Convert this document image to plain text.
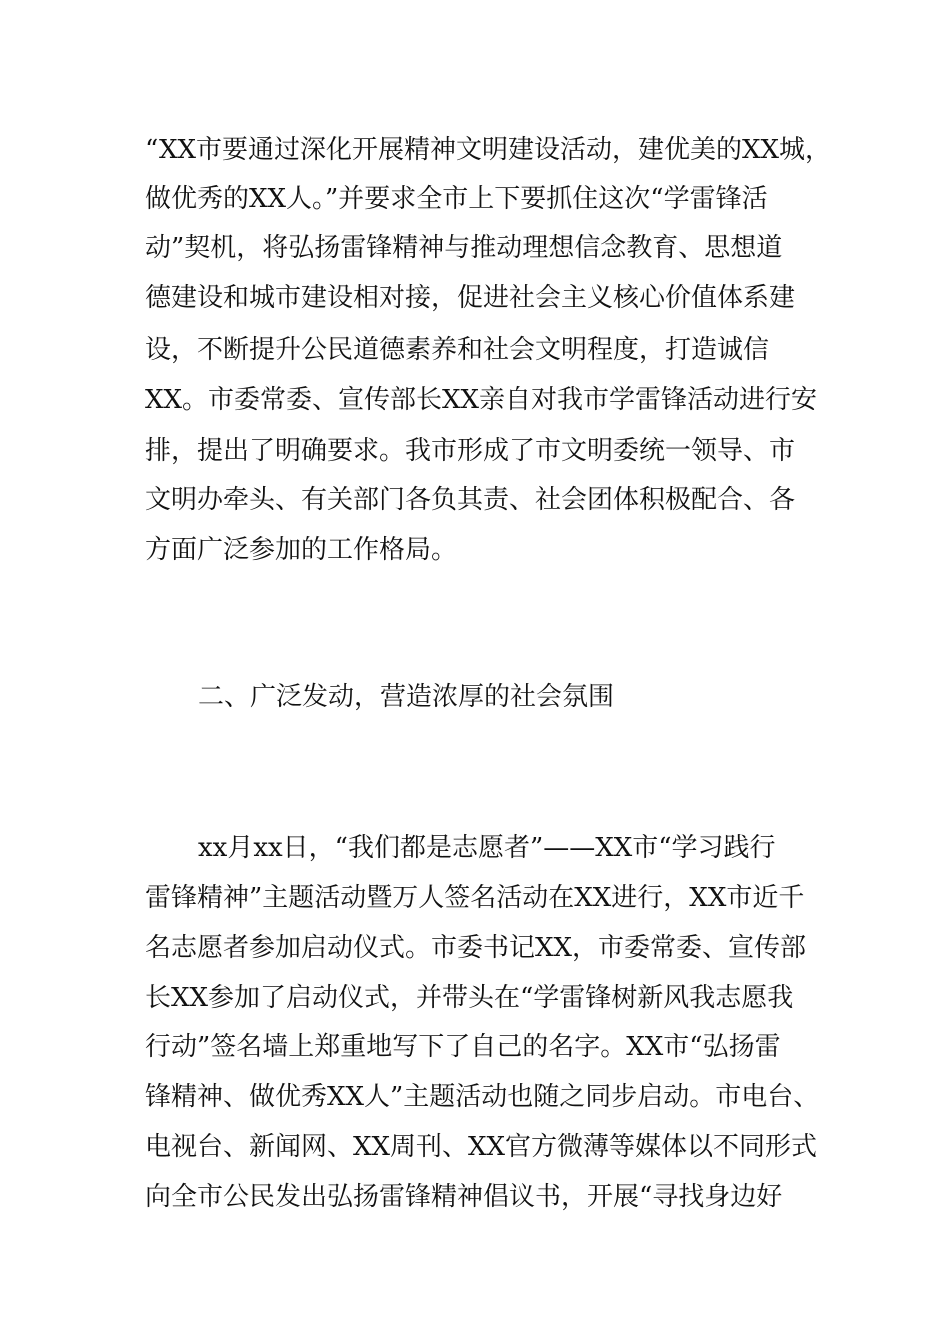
“XX市要通过深化开展精神文明建设活动，建优美的XX城，
做优秀的XX人。”并要求全市上下要抓住这次“学雷锋活
动”契机，将弘扬雷锋精神与推动理想信念教育、思想道
德建设和城市建设相对接，促进社会主义核心价值体系建
设，不断提升公民道德素养和社会文明程度，打造诚信
XX。市委常委、宣传部长XX亲自对我市学雷锋活动进行安
排，提出了明确要求。我市形成了市文明委统一领导、市
文明办牵头、有关部门各负其责、社会团体积极配合、各
方面广泛参加的工作格局。
二、广泛发动，营造浓厚的社会氛围
xx月xx日，“我们都是志愿者”——XX市“学习践行
雷锋精神”主题活动暨万人签名活动在XX进行，XX市近千
名志愿者参加启动仪式。市委书记XX，市委常委、宣传部
长XX参加了启动仪式，并带头在“学雷锋树新风我志愿我
行动”签名墙上郑重地写下了自己的名字。XX市“弘扬雷
锋精神、做优秀XX人”主题活动也随之同步启动。市电台、
电视台、新闻网、XX周刊、XX官方微薄等媒体以不同形式
向全市公民发出弘扬雷锋精神倡议书，开展“寻找身边好
